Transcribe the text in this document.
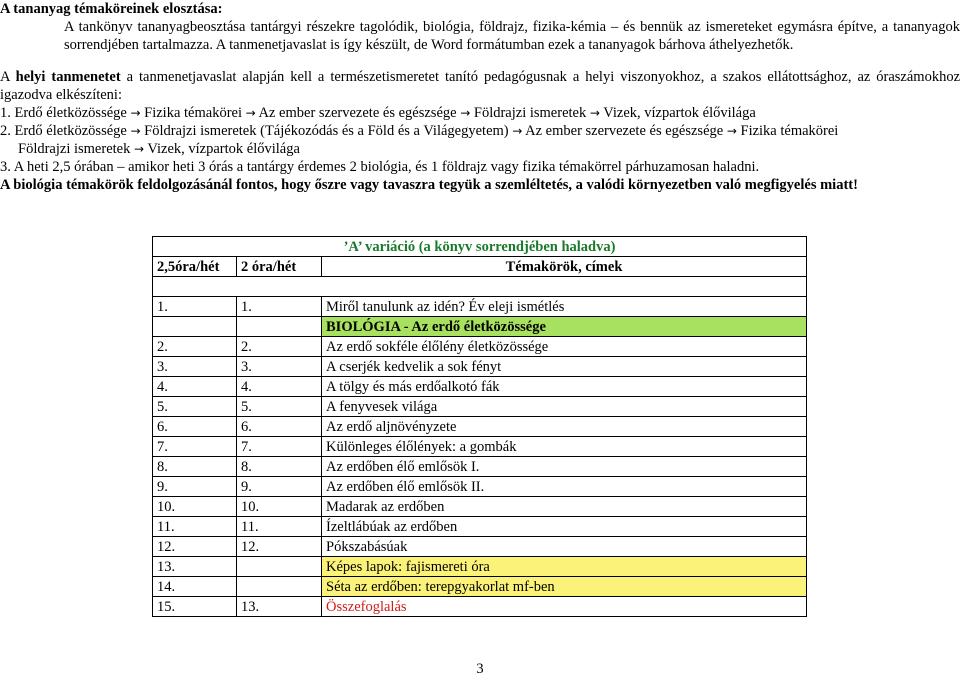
A tananyag témaköreinek elosztása:

A tankönyv tananyagbeosztása tantárgyi részekre tagolódik, biológia, földrajz, fizika-kémia – és bennük az ismereteket egymásra építve, a tananyagok sorrendjében tartalmazza. A tanmenetjavaslat is így készült, de Word formátumban ezek a tananyagok bárhova áthelyezhetők.

A helyi tanmenetet a tanmenetjavaslat alapján kell a természetismeretet tanító pedagógusnak a helyi viszonyokhoz, a szakos ellátottsághoz, az óraszámokhoz igazodva elkészíteni:

1. Erdő életközössége → Fizika témakörei → Az ember szervezete és egészsége → Földrajzi ismeretek → Vizek, vízpartok élővilága

2. Erdő életközössége → Földrajzi ismeretek (Tájékozódás és a Föld és a Világegyetem) → Az ember szervezete és egészsége → Fizika témakörei

Földrajzi ismeretek → Vizek, vízpartok élővilága

3. A heti 2,5 órában – amikor heti 3 órás a tantárgy érdemes 2 biológia, és 1 földrajz vagy fizika témakörrel párhuzamosan haladni.

A biológia témakörök feldolgozásánál fontos, hogy őszre vagy tavaszra tegyük a szemléltetés, a valódi környezetben való megfigyelés miatt!

’A’ variáció (a könyv sorrendjében haladva)		
2,5óra/hét	2 óra/hét	Témakörök, címek

1.	1.	Miről tanulunk az idén? Év eleji ismétlés
		BIOLÓGIA - Az erdő életközössége
2.	2.	Az erdő sokféle élőlény életközössége
3.	3.	A cserjék kedvelik a sok fényt
4.	4.	A tölgy és más erdőalkotó fák
5.	5.	A fenyvesek világa
6.	6.	Az erdő aljnövényzete
7.	7.	Különleges élőlények: a gombák
8.	8.	Az erdőben élő emlősök I.
9.	9.	Az erdőben élő emlősök II.
10.	10.	Madarak az erdőben
11.	11.	Ízeltlábúak az erdőben
12.	12.	Pókszabásúak
13.		Képes lapok: fajismereti óra
14.		Séta az erdőben: terepgyakorlat mf-ben
15.	13.	Összefoglalás
3
